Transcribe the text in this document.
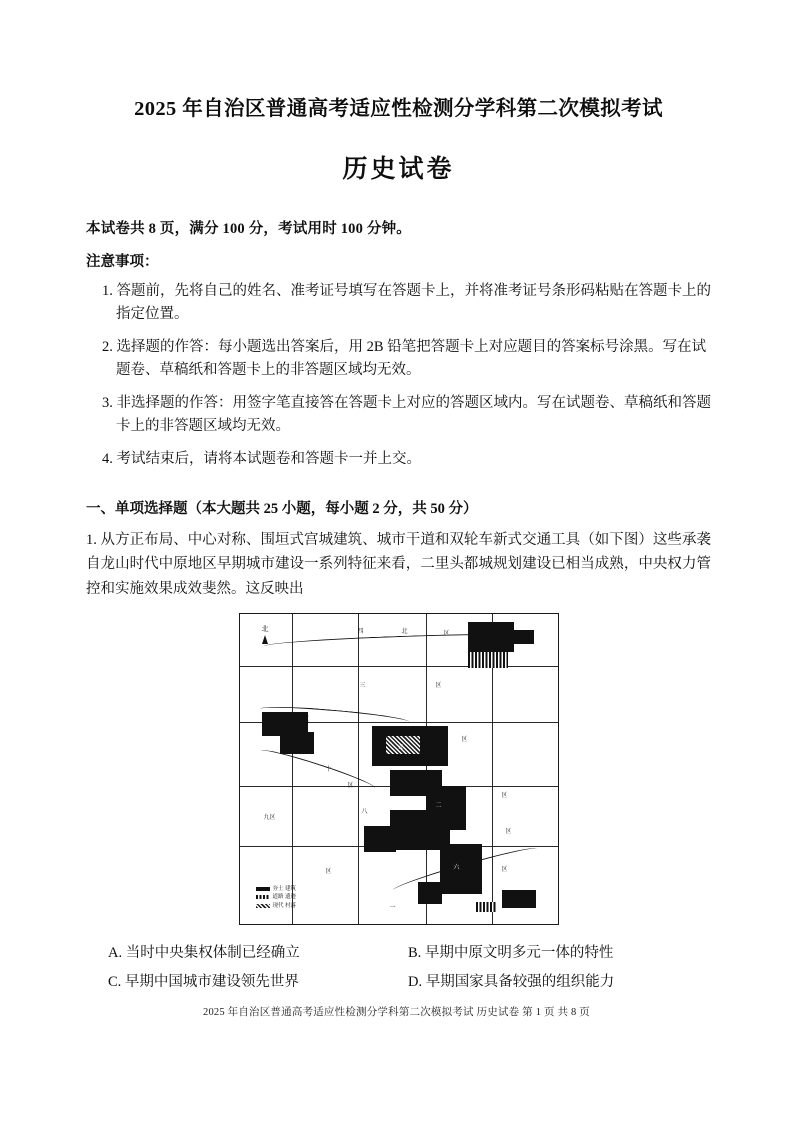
2025 年自治区普通高考适应性检测分学科第二次模拟考试
历史试卷
本试卷共 8 页，满分 100 分，考试用时 100 分钟。
注意事项：
1. 答题前，先将自己的姓名、准考证号填写在答题卡上，并将准考证号条形码粘贴在答题卡上的指定位置。
2. 选择题的作答：每小题选出答案后，用 2B 铅笔把答题卡上对应题目的答案标号涂黑。写在试题卷、草稿纸和答题卡上的非答题区域均无效。
3. 非选择题的作答：用签字笔直接答在答题卡上对应的答题区域内。写在试题卷、草稿纸和答题卡上的非答题区域均无效。
4. 考试结束后，请将本试题卷和答题卡一并上交。
一、单项选择题（本大题共 25 小题，每小题 2 分，共 50 分）
1. 从方正布局、中心对称、围垣式宫城建筑、城市干道和双轮车新式交通工具（如下图）这些承袭自龙山时代中原地区早期城市建设一系列特征来看，二里头都城规划建设已相当成熟，中央权力管控和实施效果成效斐然。这反映出
北	四	北	区
三	区
七区
五
区
二
区
十
区
八
区
九区
六	区
一
区
夯土 建筑
道路 遗迹
现代 村落
A. 当时中央集权体制已经确立	B. 早期中原文明多元一体的特性
C. 早期中国城市建设领先世界	D. 早期国家具备较强的组织能力
2025 年自治区普通高考适应性检测分学科第二次模拟考试 历史试卷 第 1 页 共 8 页
